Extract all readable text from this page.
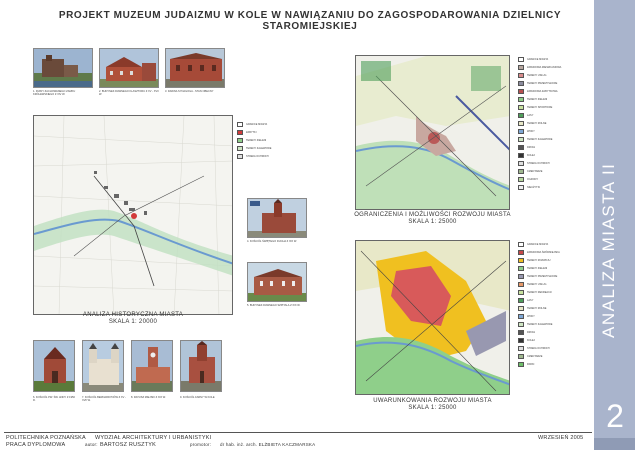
PROJEKT MUZEUM JUDAIZMU W KOLE W NAWIĄZANIU DO ZAGOSPODAROWANIA DZIELNICY STAROMIEJSKIEJ
ANALIZA MIASTA II
2
1. RUINY ZACHOWANEGO ZAMKU KRÓLEWSKIEGO Z XIV W.
2. BUDYNEK DAWNEGO KLASZTORU Z XV - XVII W.
3. DAWNA SYNAGOGA - STAN OBECNY
GRANICE MIASTA
ZABYTKI
TERENY ZIELENI
TERENY ZALEWOWE
STREFA OCHRONY
ANALIZA HISTORYCZNA MIASTA
SKALA 1: 20000
4. KOŚCIÓŁ ŚWIĘTEGO DUCHA Z XIX W.
5. BUDYNEK DAWNEGO SZPITALA Z XIX W.
6. KOŚCIÓŁ PW. ŚW. ANNY Z 1950 R.
7. KOŚCIÓŁ BERNARDYNÓW Z XV - XVII W.
8. RATUSZ MIEJSKI Z XIX W.	9. KOŚCIÓŁ FARNY W KOLE
GRANICE MIASTA
ZABUDOWA MIESZKANIOWA
TERENY USŁUG
TERENY PRZEMYSŁOWE
ZABUDOWA ZABYTKOWA
TERENY ZIELENI
TERENY SPORTOWE
LASY
TERENY ROLNE
WODY
TERENY ZALEWOWE
DROGI
KOLEJ
STREFA OCHRONY
CMENTARZE
OGRODY
NIEUŻYTKI
OGRANICZENIA I MOŻLIWOŚCI ROZWOJU MIASTA
SKALA 1: 25000
GRANICE MIASTA
ZABUDOWA ŚRÓDMIEJSKA
TERENY ROZWOJU
TERENY ZIELENI
TERENY PRZEMYSŁOWE
TERENY USŁUG
TERENY REKREACJI
LASY
TERENY ROLNE
WODY
TERENY ZALEWOWE
DROGI
KOLEJ
STREFA OCHRONY
CMENTARZE
PARKI
UWARUNKOWANIA ROZWOJU MIASTA
SKALA 1: 25000
POLITECHNIKA POZNAŃSKA WYDZIAŁ ARCHITEKTURY I URBANISTYKI
PRACA DYPLOMOWA	autor: BARTOSZ RUSZTYK	promotor: dr hab. inż. arch. ELŻBIETA KACZMARSKA
WRZESIEŃ 2005
